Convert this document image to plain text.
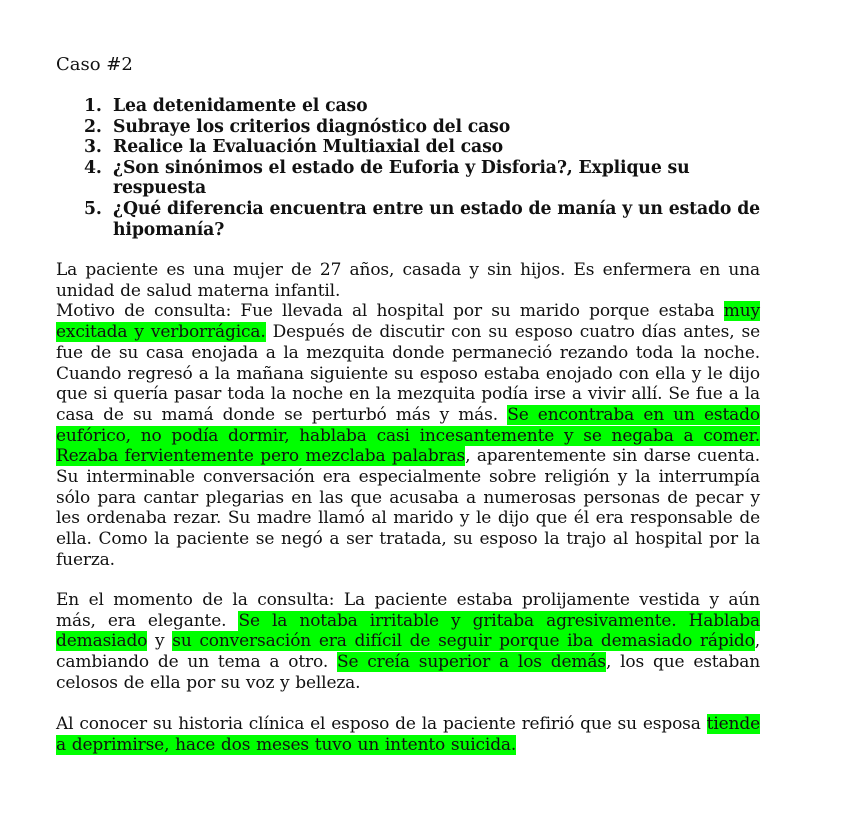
Caso #2
1. Lea detenidamente el caso
2. Subraye los criterios diagnóstico del caso
3. Realice la Evaluación Multiaxial del caso
4. ¿Son sinónimos el estado de Euforia y Disforia?, Explique su respuesta
5. ¿Qué diferencia encuentra entre un estado de manía y un estado de hipomanía?
La paciente es una mujer de 27 años, casada y sin hijos. Es enfermera en una unidad de salud materna infantil.
Motivo de consulta: Fue llevada al hospital por su marido porque estaba muy excitada y verborrágica. Después de discutir con su esposo cuatro días antes, se fue de su casa enojada a la mezquita donde permaneció rezando toda la noche. Cuando regresó a la mañana siguiente su esposo estaba enojado con ella y le dijo que si quería pasar toda la noche en la mezquita podía irse a vivir allí. Se fue a la casa de su mamá donde se perturbó más y más. Se encontraba en un estado eufórico, no podía dormir, hablaba casi incesantemente y se negaba a comer. Rezaba fervientemente pero mezclaba palabras, aparentemente sin darse cuenta. Su interminable conversación era especialmente sobre religión y la interrumpía sólo para cantar plegarias en las que acusaba a numerosas personas de pecar y les ordenaba rezar. Su madre llamó al marido y le dijo que él era responsable de ella. Como la paciente se negó a ser tratada, su esposo la trajo al hospital por la fuerza.
En el momento de la consulta: La paciente estaba prolijamente vestida y aún más, era elegante. Se la notaba irritable y gritaba agresivamente. Hablaba demasiado y su conversación era difícil de seguir porque iba demasiado rápido, cambiando de un tema a otro. Se creía superior a los demás, los que estaban celosos de ella por su voz y belleza.
Al conocer su historia clínica el esposo de la paciente refirió que su esposa tiende a deprimirse, hace dos meses tuvo un intento suicida.
